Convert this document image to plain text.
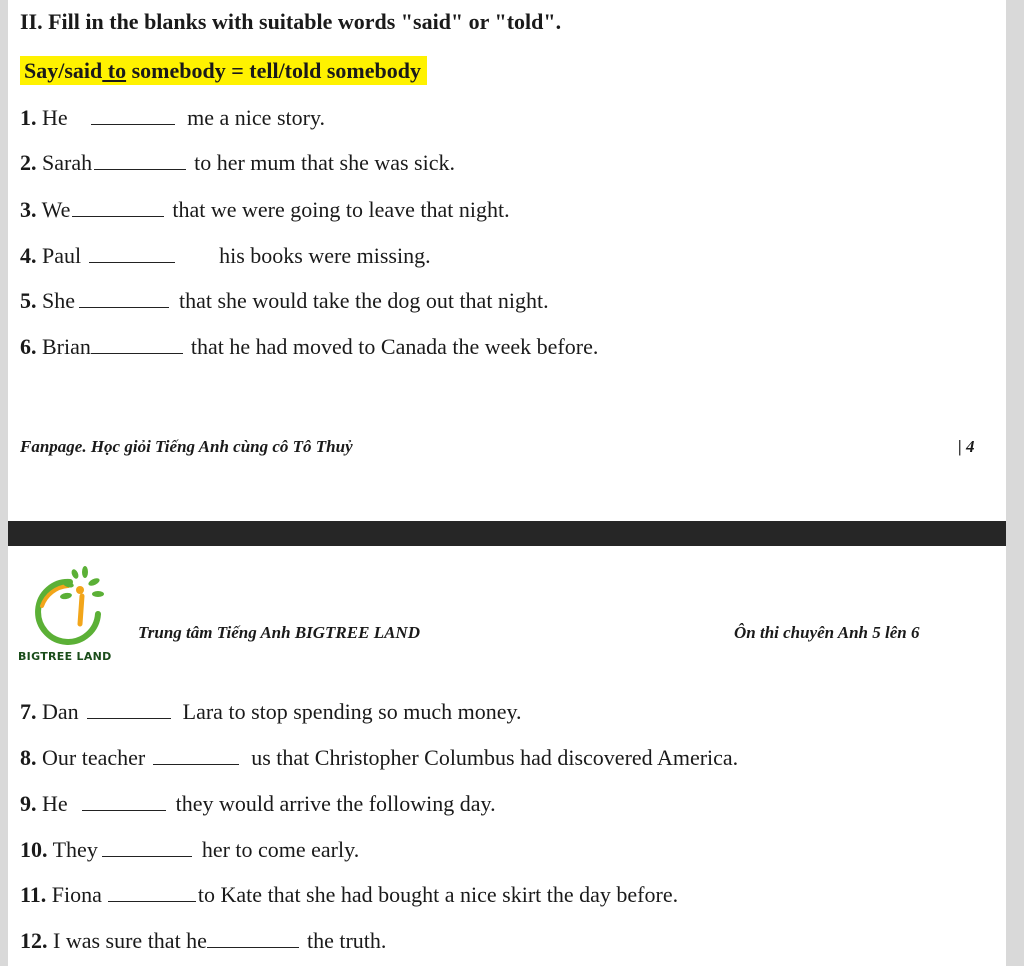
II. Fill in the blanks with suitable words "said" or "told".
Say/said to somebody = tell/told somebody
1. He	me a nice story.
2. Sarah	to her mum that she was sick.
3. We	that we were going to leave that night.
4. Paul	his books were missing.
5. She	that she would take the dog out that night.
6. Brian	that he had moved to Canada the week before.
Fanpage. Học giỏi Tiếng Anh cùng cô Tô Thuỷ	| 4
BIGTREE LAND
Trung tâm Tiếng Anh BIGTREE LAND	Ôn thi chuyên Anh 5 lên 6
7. Dan	Lara to stop spending so much money.
8. Our teacher	us that Christopher Columbus had discovered America.
9. He	they would arrive the following day.
10. They	her to come early.
11. Fiona	to Kate that she had bought a nice skirt the day before.
12. I was sure that he	the truth.
